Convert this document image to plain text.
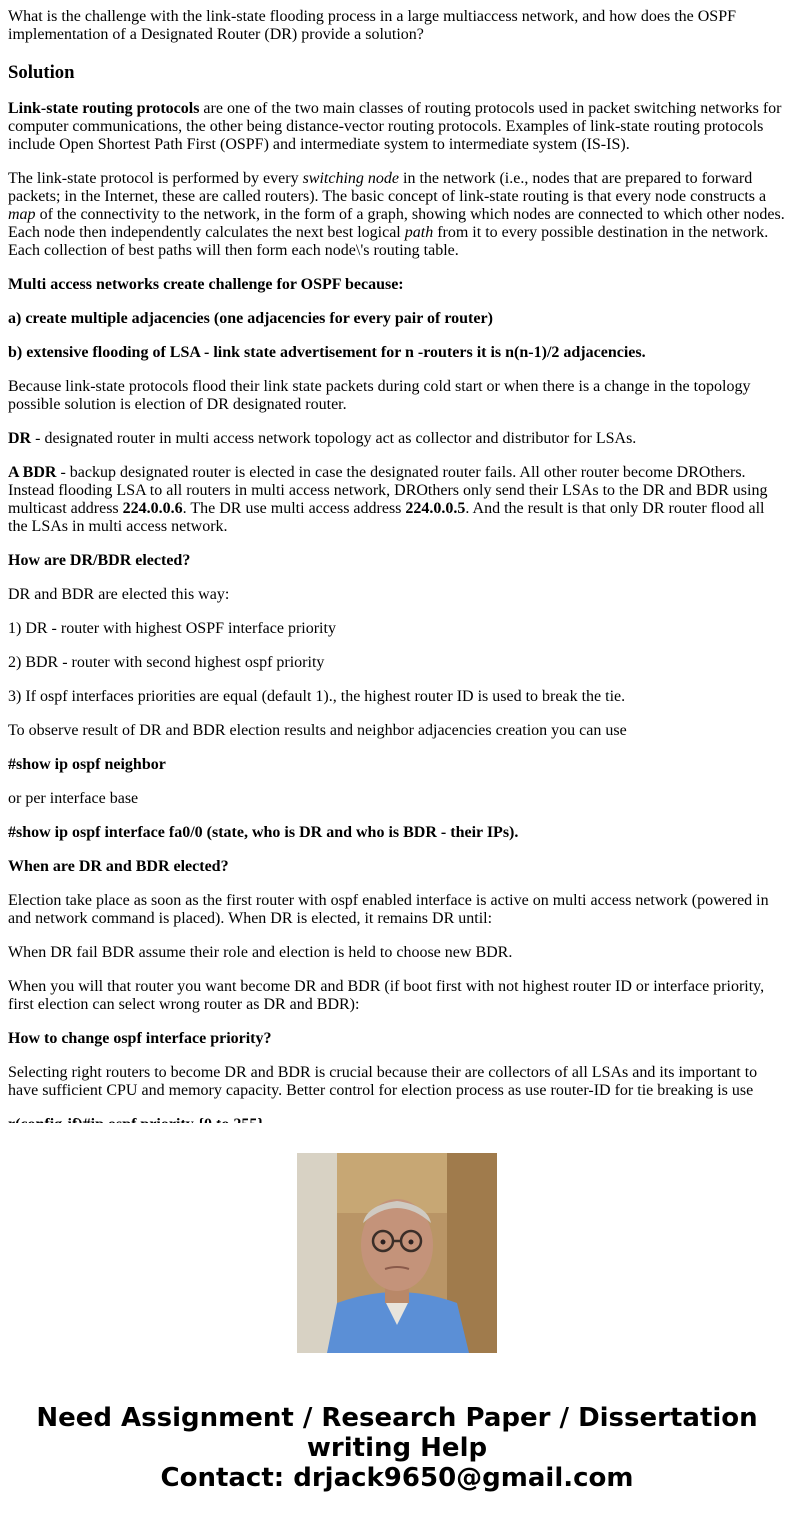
What is the challenge with the link-state flooding process in a large multiaccess network, and how does the OSPF implementation of a Designated Router (DR) provide a solution?

Solution

Link-state routing protocols are one of the two main classes of routing protocols used in packet switching networks for computer communications, the other being distance-vector routing protocols. Examples of link-state routing protocols include Open Shortest Path First (OSPF) and intermediate system to intermediate system (IS-IS).

The link-state protocol is performed by every switching node in the network (i.e., nodes that are prepared to forward packets; in the Internet, these are called routers). The basic concept of link-state routing is that every node constructs a map of the connectivity to the network, in the form of a graph, showing which nodes are connected to which other nodes. Each node then independently calculates the next best logical path from it to every possible destination in the network. Each collection of best paths will then form each node\'s routing table.

Multi access networks create challenge for OSPF because:

a) create multiple adjacencies (one adjacencies for every pair of router)

b) extensive flooding of LSA - link state advertisement for n -routers it is n(n-1)/2 adjacencies.

Because link-state protocols flood their link state packets during cold start or when there is a change in the topology possible solution is election of DR designated router.

DR - designated router in multi access network topology act as collector and distributor for LSAs.

A BDR - backup designated router is elected in case the designated router fails. All other router become DROthers. Instead flooding LSA to all routers in multi access network, DROthers only send their LSAs to the DR and BDR using multicast address 224.0.0.6. The DR use multi access address 224.0.0.5. And the result is that only DR router flood all the LSAs in multi access network.

How are DR/BDR elected?

DR and BDR are elected this way:

1) DR - router with highest OSPF interface priority

2) BDR - router with second highest ospf priority

3) If ospf interfaces priorities are equal (default 1)., the highest router ID is used to break the tie.

To observe result of DR and BDR election results and neighbor adjacencies creation you can use

#show ip ospf neighbor

or per interface base

#show ip ospf interface fa0/0 (state, who is DR and who is BDR - their IPs).

When are DR and BDR elected?

Election take place as soon as the first router with ospf enabled interface is active on multi access network (powered in and network command is placed). When DR is elected, it remains DR until:

When DR fail BDR assume their role and election is held to choose new BDR.

When you will that router you want become DR and BDR (if boot first with not highest router ID or interface priority, first election can select wrong router as DR and BDR):

How to change ospf interface priority?

Selecting right routers to become DR and BDR is crucial because their are collectors of all LSAs and its important to have sufficient CPU and memory capacity. Better control for election process as use router-ID for tie breaking is use

Need Assignment / Research Paper / Dissertation
writing Help
Contact: drjack9650@gmail.com
